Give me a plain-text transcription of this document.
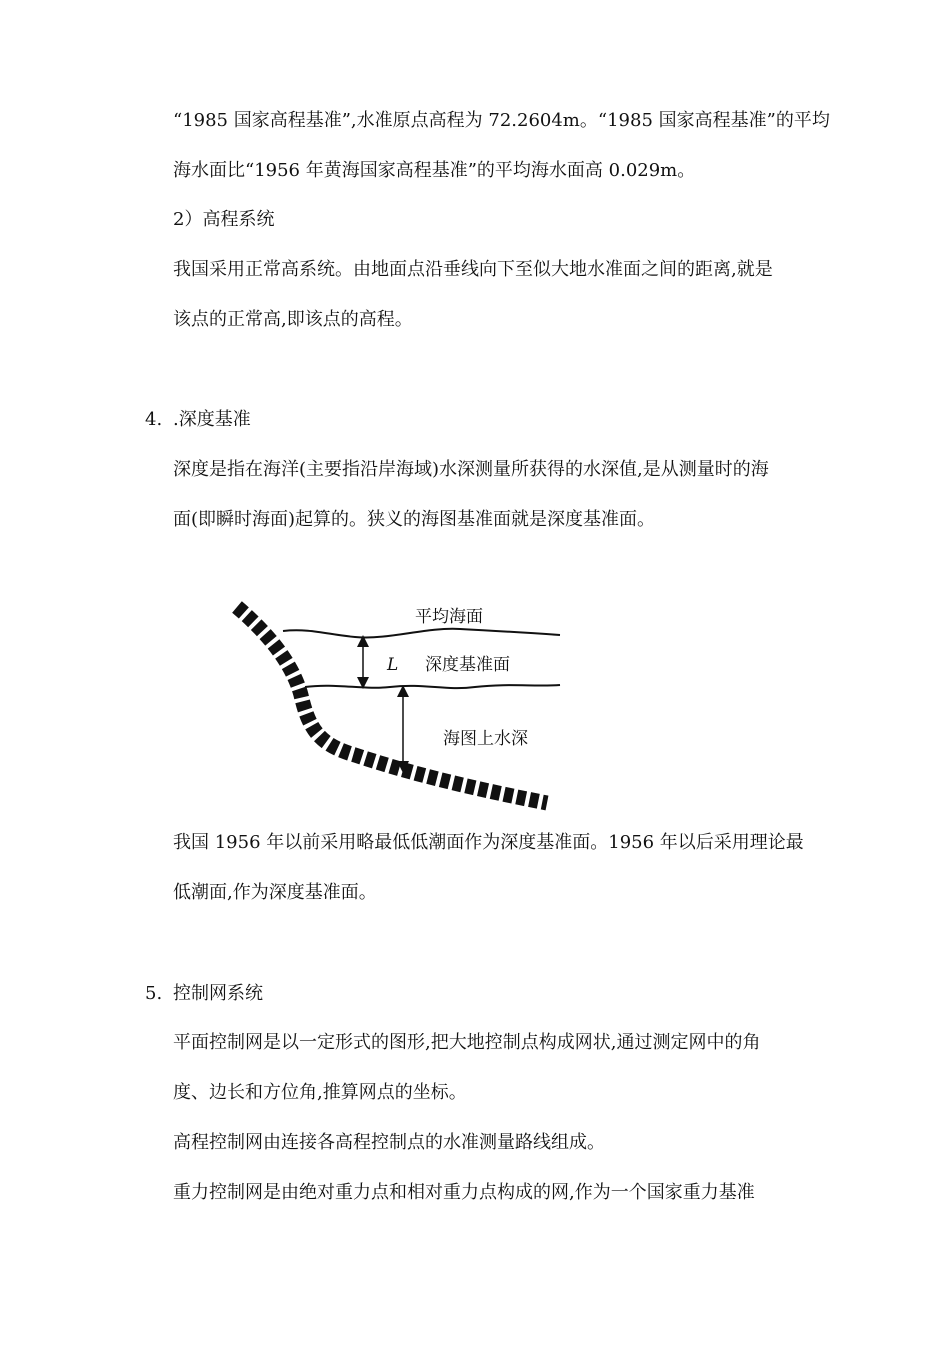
“1985 国家高程基准”,水准原点高程为 72.2604m。“1985 国家高程基准”的平均
海水面比“1956 年黄海国家高程基准”的平均海水面高 0.029m。
2）高程系统
我国采用正常高系统。由地面点沿垂线向下至似大地水准面之间的距离,就是
该点的正常高,即该点的高程。
4. .深度基准
深度是指在海洋(主要指沿岸海域)水深测量所获得的水深值,是从测量时的海
面(即瞬时海面)起算的。狭义的海图基准面就是深度基准面。
平均海面
L 深度基准面
海图上水深
我国 1956 年以前采用略最低低潮面作为深度基准面。1956 年以后采用理论最
低潮面,作为深度基准面。
5. 控制网系统
平面控制网是以一定形式的图形,把大地控制点构成网状,通过测定网中的角
度、边长和方位角,推算网点的坐标。
高程控制网由连接各高程控制点的水准测量路线组成。
重力控制网是由绝对重力点和相对重力点构成的网,作为一个国家重力基准
